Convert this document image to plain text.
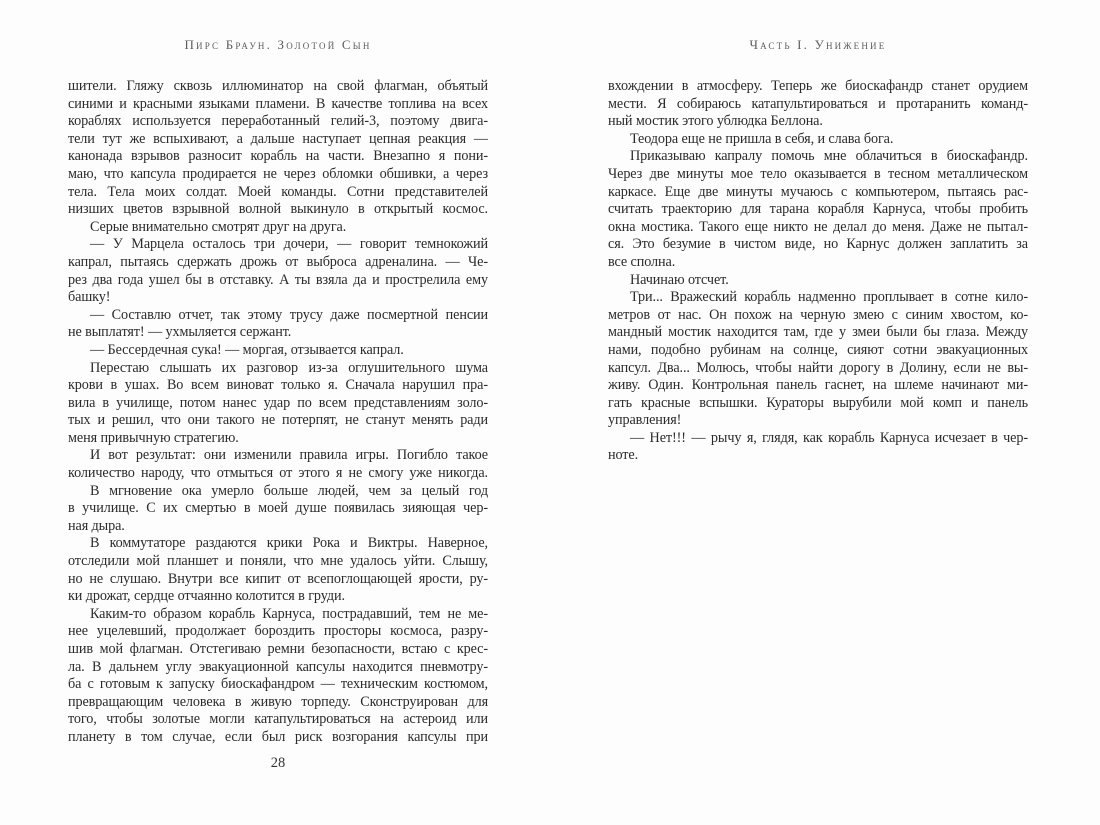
Пирс Браун. Золотой Сын
шители. Гляжу сквозь иллюминатор на свой флагман, объятый
синими и красными языками пламени. В качестве топлива на всех
кораблях используется переработанный гелий-3, поэтому двига-
тели тут же вспыхивают, а дальше наступает цепная реакция —
канонада взрывов разносит корабль на части. Внезапно я пони-
маю, что капсула продирается не через обломки обшивки, а через
тела. Тела моих солдат. Моей команды. Сотни представителей
низших цветов взрывной волной выкинуло в открытый космос.
Серые внимательно смотрят друг на друга.
— У Марцела осталось три дочери, — говорит темнокожий
капрал, пытаясь сдержать дрожь от выброса адреналина. — Че-
рез два года ушел бы в отставку. А ты взяла да и прострелила ему
башку!
— Составлю отчет, так этому трусу даже посмертной пенсии
не выплатят! — ухмыляется сержант.
— Бессердечная сука! — моргая, отзывается капрал.
Перестаю слышать их разговор из-за оглушительного шума
крови в ушах. Во всем виноват только я. Сначала нарушил пра-
вила в училище, потом нанес удар по всем представлениям золо-
тых и решил, что они такого не потерпят, не станут менять ради
меня привычную стратегию.
И вот результат: они изменили правила игры. Погибло такое
количество народу, что отмыться от этого я не смогу уже никогда.
В мгновение ока умерло больше людей, чем за целый год
в училище. С их смертью в моей душе появилась зияющая чер-
ная дыра.
В коммутаторе раздаются крики Рока и Виктры. Наверное,
отследили мой планшет и поняли, что мне удалось уйти. Слышу,
но не слушаю. Внутри все кипит от всепоглощающей ярости, ру-
ки дрожат, сердце отчаянно колотится в груди.
Каким-то образом корабль Карнуса, пострадавший, тем не ме-
нее уцелевший, продолжает бороздить просторы космоса, разру-
шив мой флагман. Отстегиваю ремни безопасности, встаю с крес-
ла. В дальнем углу эвакуационной капсулы находится пневмотру-
ба с готовым к запуску биоскафандром — техническим костюмом,
превращающим человека в живую торпеду. Сконструирован для
того, чтобы золотые могли катапультироваться на астероид или
планету в том случае, если был риск возгорания капсулы при
28
Часть I. Унижение
вхождении в атмосферу. Теперь же биоскафандр станет орудием
мести. Я собираюсь катапультироваться и протаранить команд-
ный мостик этого ублюдка Беллона.
Теодора еще не пришла в себя, и слава бога.
Приказываю капралу помочь мне облачиться в биоскафандр.
Через две минуты мое тело оказывается в тесном металлическом
каркасе. Еще две минуты мучаюсь с компьютером, пытаясь рас-
считать траекторию для тарана корабля Карнуса, чтобы пробить
окна мостика. Такого еще никто не делал до меня. Даже не пытал-
ся. Это безумие в чистом виде, но Карнус должен заплатить за
все сполна.
Начинаю отсчет.
Три... Вражеский корабль надменно проплывает в сотне кило-
метров от нас. Он похож на черную змею с синим хвостом, ко-
мандный мостик находится там, где у змеи были бы глаза. Между
нами, подобно рубинам на солнце, сияют сотни эвакуационных
капсул. Два... Молюсь, чтобы найти дорогу в Долину, если не вы-
живу. Один. Контрольная панель гаснет, на шлеме начинают ми-
гать красные вспышки. Кураторы вырубили мой комп и панель
управления!
— Нет!!! — рычу я, глядя, как корабль Карнуса исчезает в чер-
ноте.
